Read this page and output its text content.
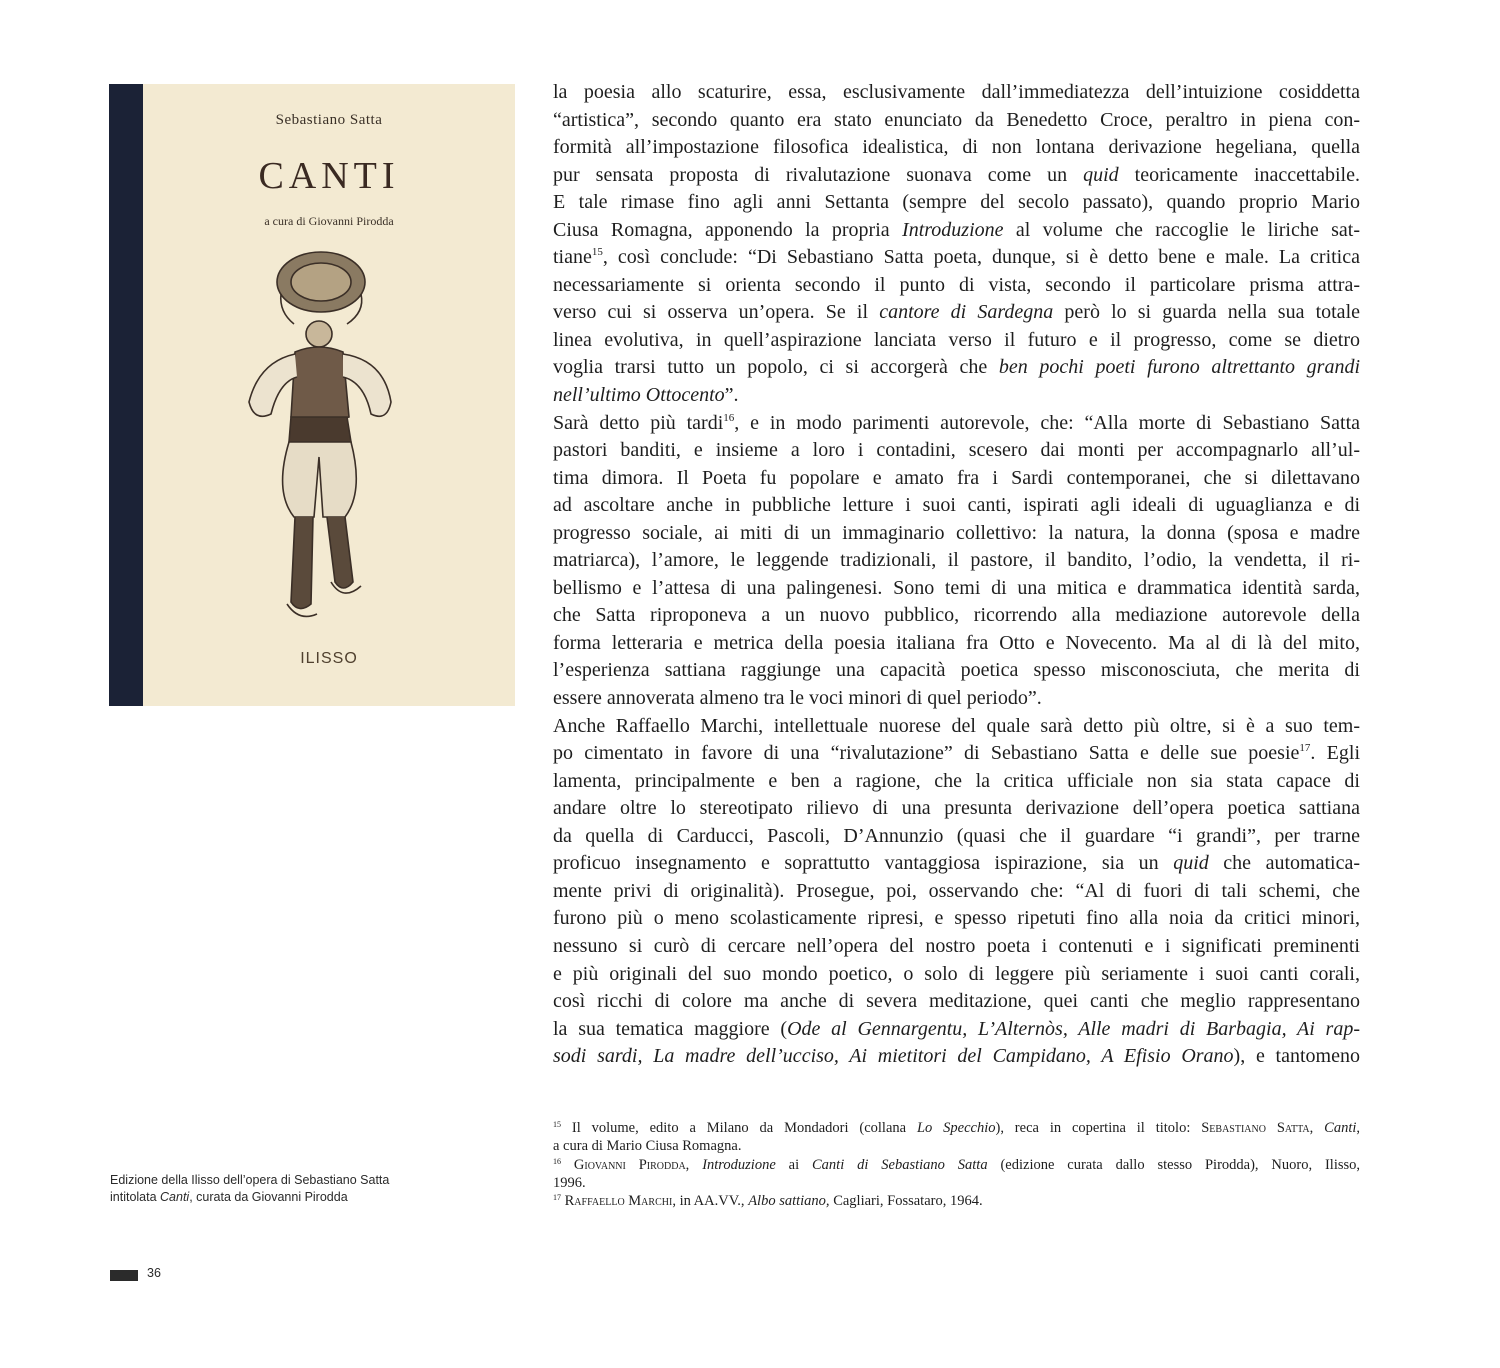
Sebastiano Satta
CANTI
a cura di Giovanni Pirodda
ILISSO
Edizione della Ilisso dell’opera di Sebastiano Satta
intitolata Canti, curata da Giovanni Pirodda
la poesia allo scaturire, essa, esclusivamente dall’immediatezza dell’intuizione cosiddetta
“artistica”, secondo quanto era stato enunciato da Benedetto Croce, peraltro in piena con-
formità all’impostazione filosofica idealistica, di non lontana derivazione hegeliana, quella
pur sensata proposta di rivalutazione suonava come un quid teoricamente inaccettabile.
E tale rimase fino agli anni Settanta (sempre del secolo passato), quando proprio Mario
Ciusa Romagna, apponendo la propria Introduzione al volume che raccoglie le liriche sat-
tiane$^{15}$, così conclude: “Di Sebastiano Satta poeta, dunque, si è detto bene e male. La critica
necessariamente si orienta secondo il punto di vista, secondo il particolare prisma attra-
verso cui si osserva un’opera. Se il cantore di Sardegna però lo si guarda nella sua totale
linea evolutiva, in quell’aspirazione lanciata verso il futuro e il progresso, come se dietro
voglia trarsi tutto un popolo, ci si accorgerà che ben pochi poeti furono altrettanto grandi
nell’ultimo Ottocento”.
Sarà detto più tardi$^{16}$, e in modo parimenti autorevole, che: “Alla morte di Sebastiano Satta
pastori banditi, e insieme a loro i contadini, scesero dai monti per accompagnarlo all’ul-
tima dimora. Il Poeta fu popolare e amato fra i Sardi contemporanei, che si dilettavano
ad ascoltare anche in pubbliche letture i suoi canti, ispirati agli ideali di uguaglianza e di
progresso sociale, ai miti di un immaginario collettivo: la natura, la donna (sposa e madre
matriarca), l’amore, le leggende tradizionali, il pastore, il bandito, l’odio, la vendetta, il ri-
bellismo e l’attesa di una palingenesi. Sono temi di una mitica e drammatica identità sarda,
che Satta riproponeva a un nuovo pubblico, ricorrendo alla mediazione autorevole della
forma letteraria e metrica della poesia italiana fra Otto e Novecento. Ma al di là del mito,
l’esperienza sattiana raggiunge una capacità poetica spesso misconosciuta, che merita di
essere annoverata almeno tra le voci minori di quel periodo”.
Anche Raffaello Marchi, intellettuale nuorese del quale sarà detto più oltre, si è a suo tem-
po cimentato in favore di una “rivalutazione” di Sebastiano Satta e delle sue poesie$^{17}$. Egli
lamenta, principalmente e ben a ragione, che la critica ufficiale non sia stata capace di
andare oltre lo stereotipato rilievo di una presunta derivazione dell’opera poetica sattiana
da quella di Carducci, Pascoli, D’Annunzio (quasi che il guardare “i grandi”, per trarne
proficuo insegnamento e soprattutto vantaggiosa ispirazione, sia un quid che automatica-
mente privi di originalità). Prosegue, poi, osservando che: “Al di fuori di tali schemi, che
furono più o meno scolasticamente ripresi, e spesso ripetuti fino alla noia da critici minori,
nessuno si curò di cercare nell’opera del nostro poeta i contenuti e i significati preminenti
e più originali del suo mondo poetico, o solo di leggere più seriamente i suoi canti corali,
così ricchi di colore ma anche di severa meditazione, quei canti che meglio rappresentano
la sua tematica maggiore (Ode al Gennargentu, L’Alternòs, Alle madri di Barbagia, Ai rap-
sodi sardi, La madre dell’ucciso, Ai mietitori del Campidano, A Efisio Orano), e tantomeno
$^{15}$ Il volume, edito a Milano da Mondadori (collana Lo Specchio), reca in copertina il titolo: Sebastiano Satta, Canti,
a cura di Mario Ciusa Romagna.
$^{16}$ Giovanni Pirodda, Introduzione ai Canti di Sebastiano Satta (edizione curata dallo stesso Pirodda), Nuoro, Ilisso,
1996.
$^{17}$ Raffaello Marchi, in AA.VV., Albo sattiano, Cagliari, Fossataro, 1964.
36
